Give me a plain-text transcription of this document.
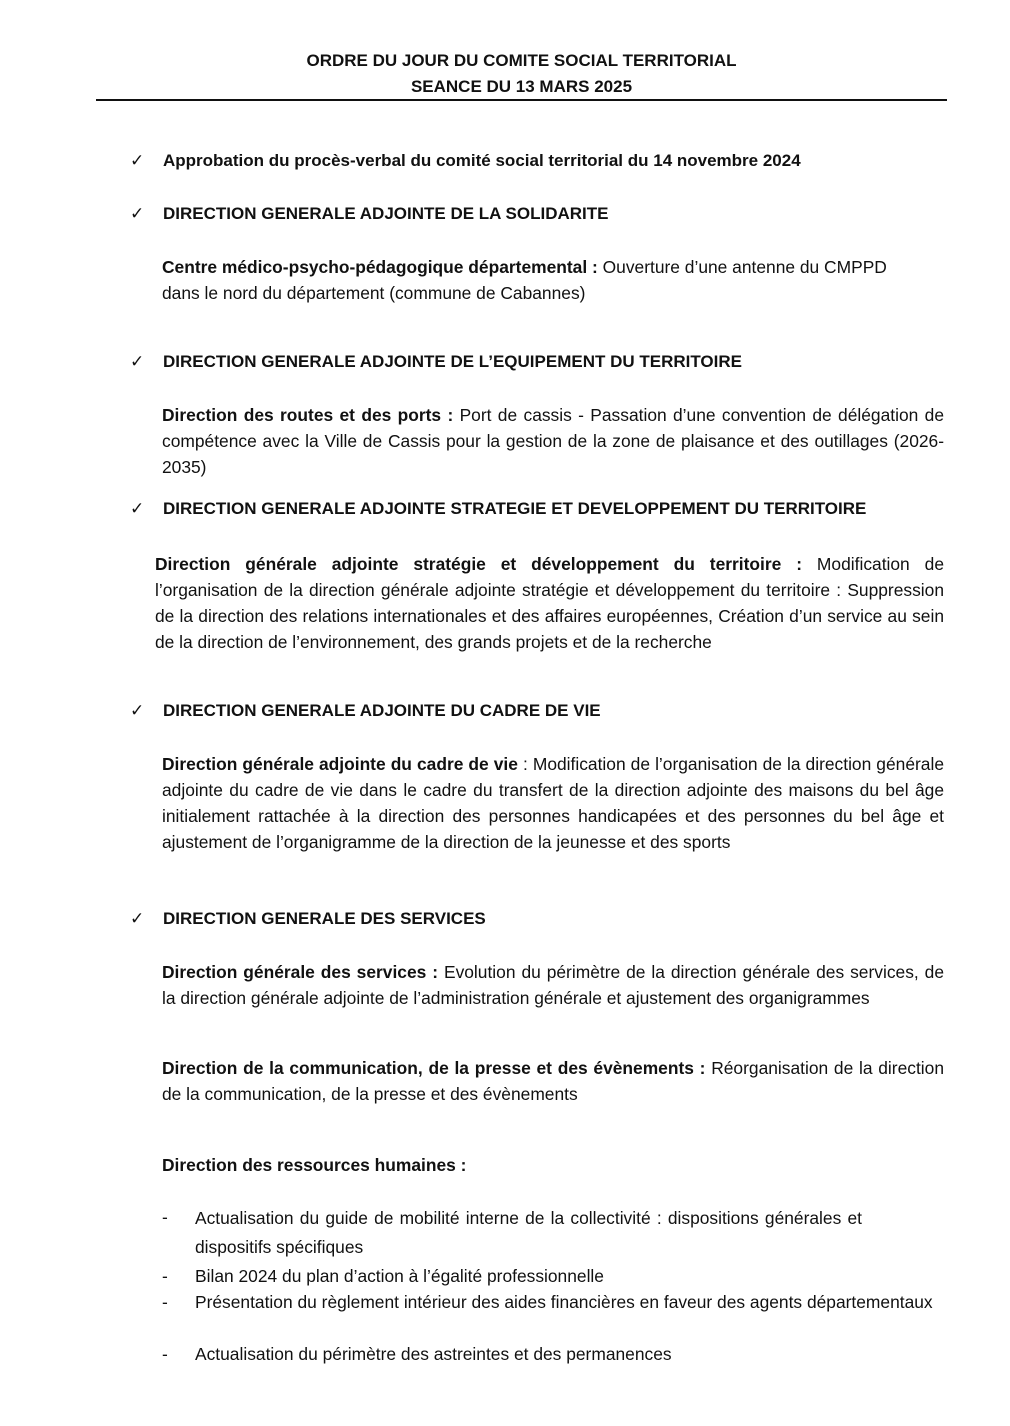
ORDRE DU JOUR DU COMITE SOCIAL TERRITORIAL
SEANCE DU 13 MARS 2025
✓ Approbation du procès-verbal du comité social territorial du 14 novembre 2024
✓ DIRECTION GENERALE ADJOINTE DE LA SOLIDARITE
Centre médico-psycho-pédagogique départemental : Ouverture d’une antenne du CMPPD dans le nord du département (commune de Cabannes)
✓ DIRECTION GENERALE ADJOINTE DE L’EQUIPEMENT DU TERRITOIRE
Direction des routes et des ports : Port de cassis - Passation d’une convention de délégation de compétence avec la Ville de Cassis pour la gestion de la zone de plaisance et des outillages (2026-2035)
✓ DIRECTION GENERALE ADJOINTE STRATEGIE ET DEVELOPPEMENT DU TERRITOIRE
Direction générale adjointe stratégie et développement du territoire : Modification de l’organisation de la direction générale adjointe stratégie et développement du territoire : Suppression de la direction des relations internationales et des affaires européennes, Création d’un service au sein de la direction de l’environnement, des grands projets et de la recherche
✓ DIRECTION GENERALE ADJOINTE DU CADRE DE VIE
Direction générale adjointe du cadre de vie : Modification de l’organisation de la direction générale adjointe du cadre de vie dans le cadre du transfert de la direction adjointe des maisons du bel âge initialement rattachée à la direction des personnes handicapées et des personnes du bel âge et ajustement de l’organigramme de la direction de la jeunesse et des sports
✓ DIRECTION GENERALE DES SERVICES
Direction générale des services : Evolution du périmètre de la direction générale des services, de la direction générale adjointe de l’administration générale et ajustement des organigrammes
Direction de la communication, de la presse et des évènements : Réorganisation de la direction de la communication, de la presse et des évènements
Direction des ressources humaines :
- Actualisation du guide de mobilité interne de la collectivité : dispositions générales et dispositifs spécifiques
- Bilan 2024 du plan d’action à l’égalité professionnelle
- Présentation du règlement intérieur des aides financières en faveur des agents départementaux
- Actualisation du périmètre des astreintes et des permanences
